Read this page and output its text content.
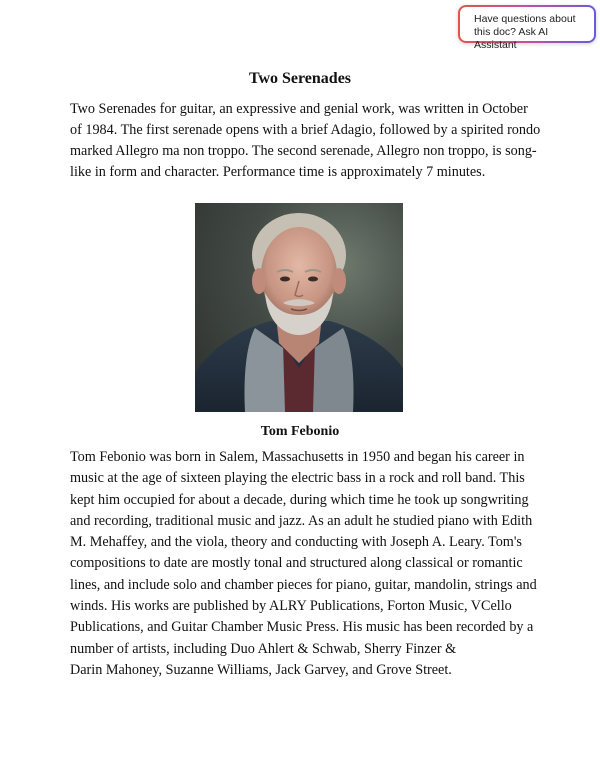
Have questions about this doc? Ask AI Assistant
Two Serenades

Two Serenades for guitar, an expressive and genial work, was written in October
of 1984. The first serenade opens with a brief Adagio, followed by a spirited rondo
marked Allegro ma non troppo. The second serenade, Allegro non troppo, is song-
like in form and character. Performance time is approximately 7 minutes.

Tom Febonio

Tom Febonio was born in Salem, Massachusetts in 1950 and began his career in
music at the age of sixteen playing the electric bass in a rock and roll band. This
kept him occupied for about a decade, during which time he took up songwriting
and recording, traditional music and jazz. As an adult he studied piano with Edith
M. Mehaffey, and the viola, theory and conducting with Joseph A. Leary. Tom's
compositions to date are mostly tonal and structured along classical or romantic
lines, and include solo and chamber pieces for piano, guitar, mandolin, strings and
winds. His works are published by ALRY Publications, Forton Music, VCello
Publications, and Guitar Chamber Music Press. His music has been recorded by a
number of artists, including Duo Ahlert & Schwab, Sherry Finzer &
Darin Mahoney, Suzanne Williams, Jack Garvey, and Grove Street.
